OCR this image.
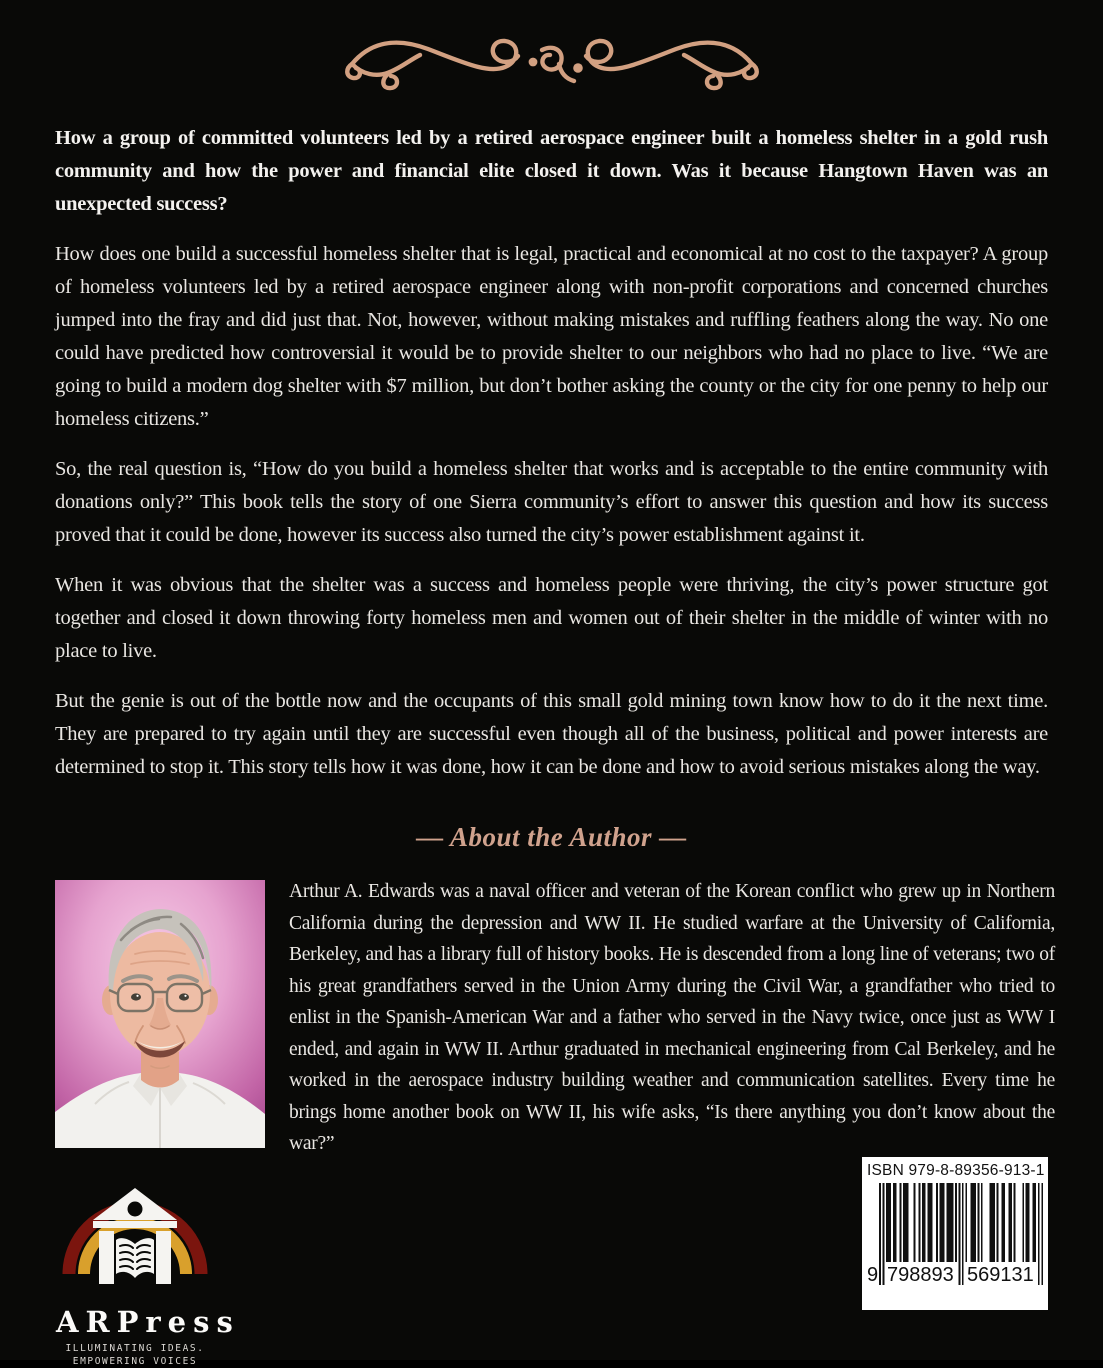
How a group of committed volunteers led by a retired aerospace engineer built a homeless shelter in a gold rush community and how the power and financial elite closed it down. Was it because Hangtown Haven was an unexpected success?

How does one build a successful homeless shelter that is legal, practical and economical at no cost to the taxpayer? A group of homeless volunteers led by a retired aerospace engineer along with non-profit corporations and concerned churches jumped into the fray and did just that. Not, however, without making mistakes and ruffling feathers along the way. No one could have predicted how controversial it would be to provide shelter to our neighbors who had no place to live. “We are going to build a modern dog shelter with $7 million, but don’t bother asking the county or the city for one penny to help our homeless citizens.”

So, the real question is, “How do you build a homeless shelter that works and is acceptable to the entire community with donations only?” This book tells the story of one Sierra community’s effort to answer this question and how its success proved that it could be done, however its success also turned the city’s power establishment against it.

When it was obvious that the shelter was a success and homeless people were thriving, the city’s power structure got together and closed it down throwing forty homeless men and women out of their shelter in the middle of winter with no place to live.

But the genie is out of the bottle now and the occupants of this small gold mining town know how to do it the next time. They are prepared to try again until they are successful even though all of the business, political and power interests are determined to stop it. This story tells how it was done, how it can be done and how to avoid serious mistakes along the way.

— About the Author —

Arthur A. Edwards was a naval officer and veteran of the Korean conflict who grew up in Northern California during the depression and WW II. He studied warfare at the University of California, Berkeley, and has a library full of history books. He is descended from a long line of veterans; two of his great grandfathers served in the Union Army during the Civil War, a grandfather who tried to enlist in the Spanish-American War and a father who served in the Navy twice, once just as WW I ended, and again in WW II. Arthur graduated in mechanical engineering from Cal Berkeley, and he worked in the aerospace industry building weather and communication satellites. Every time he brings home another book on WW II, his wife asks, “Is there anything you don’t know about the war?”

ARPress
ILLUMINATING IDEAS.
EMPOWERING VOICES
ISBN 979-8-89356-913-1
9 798893 569131
